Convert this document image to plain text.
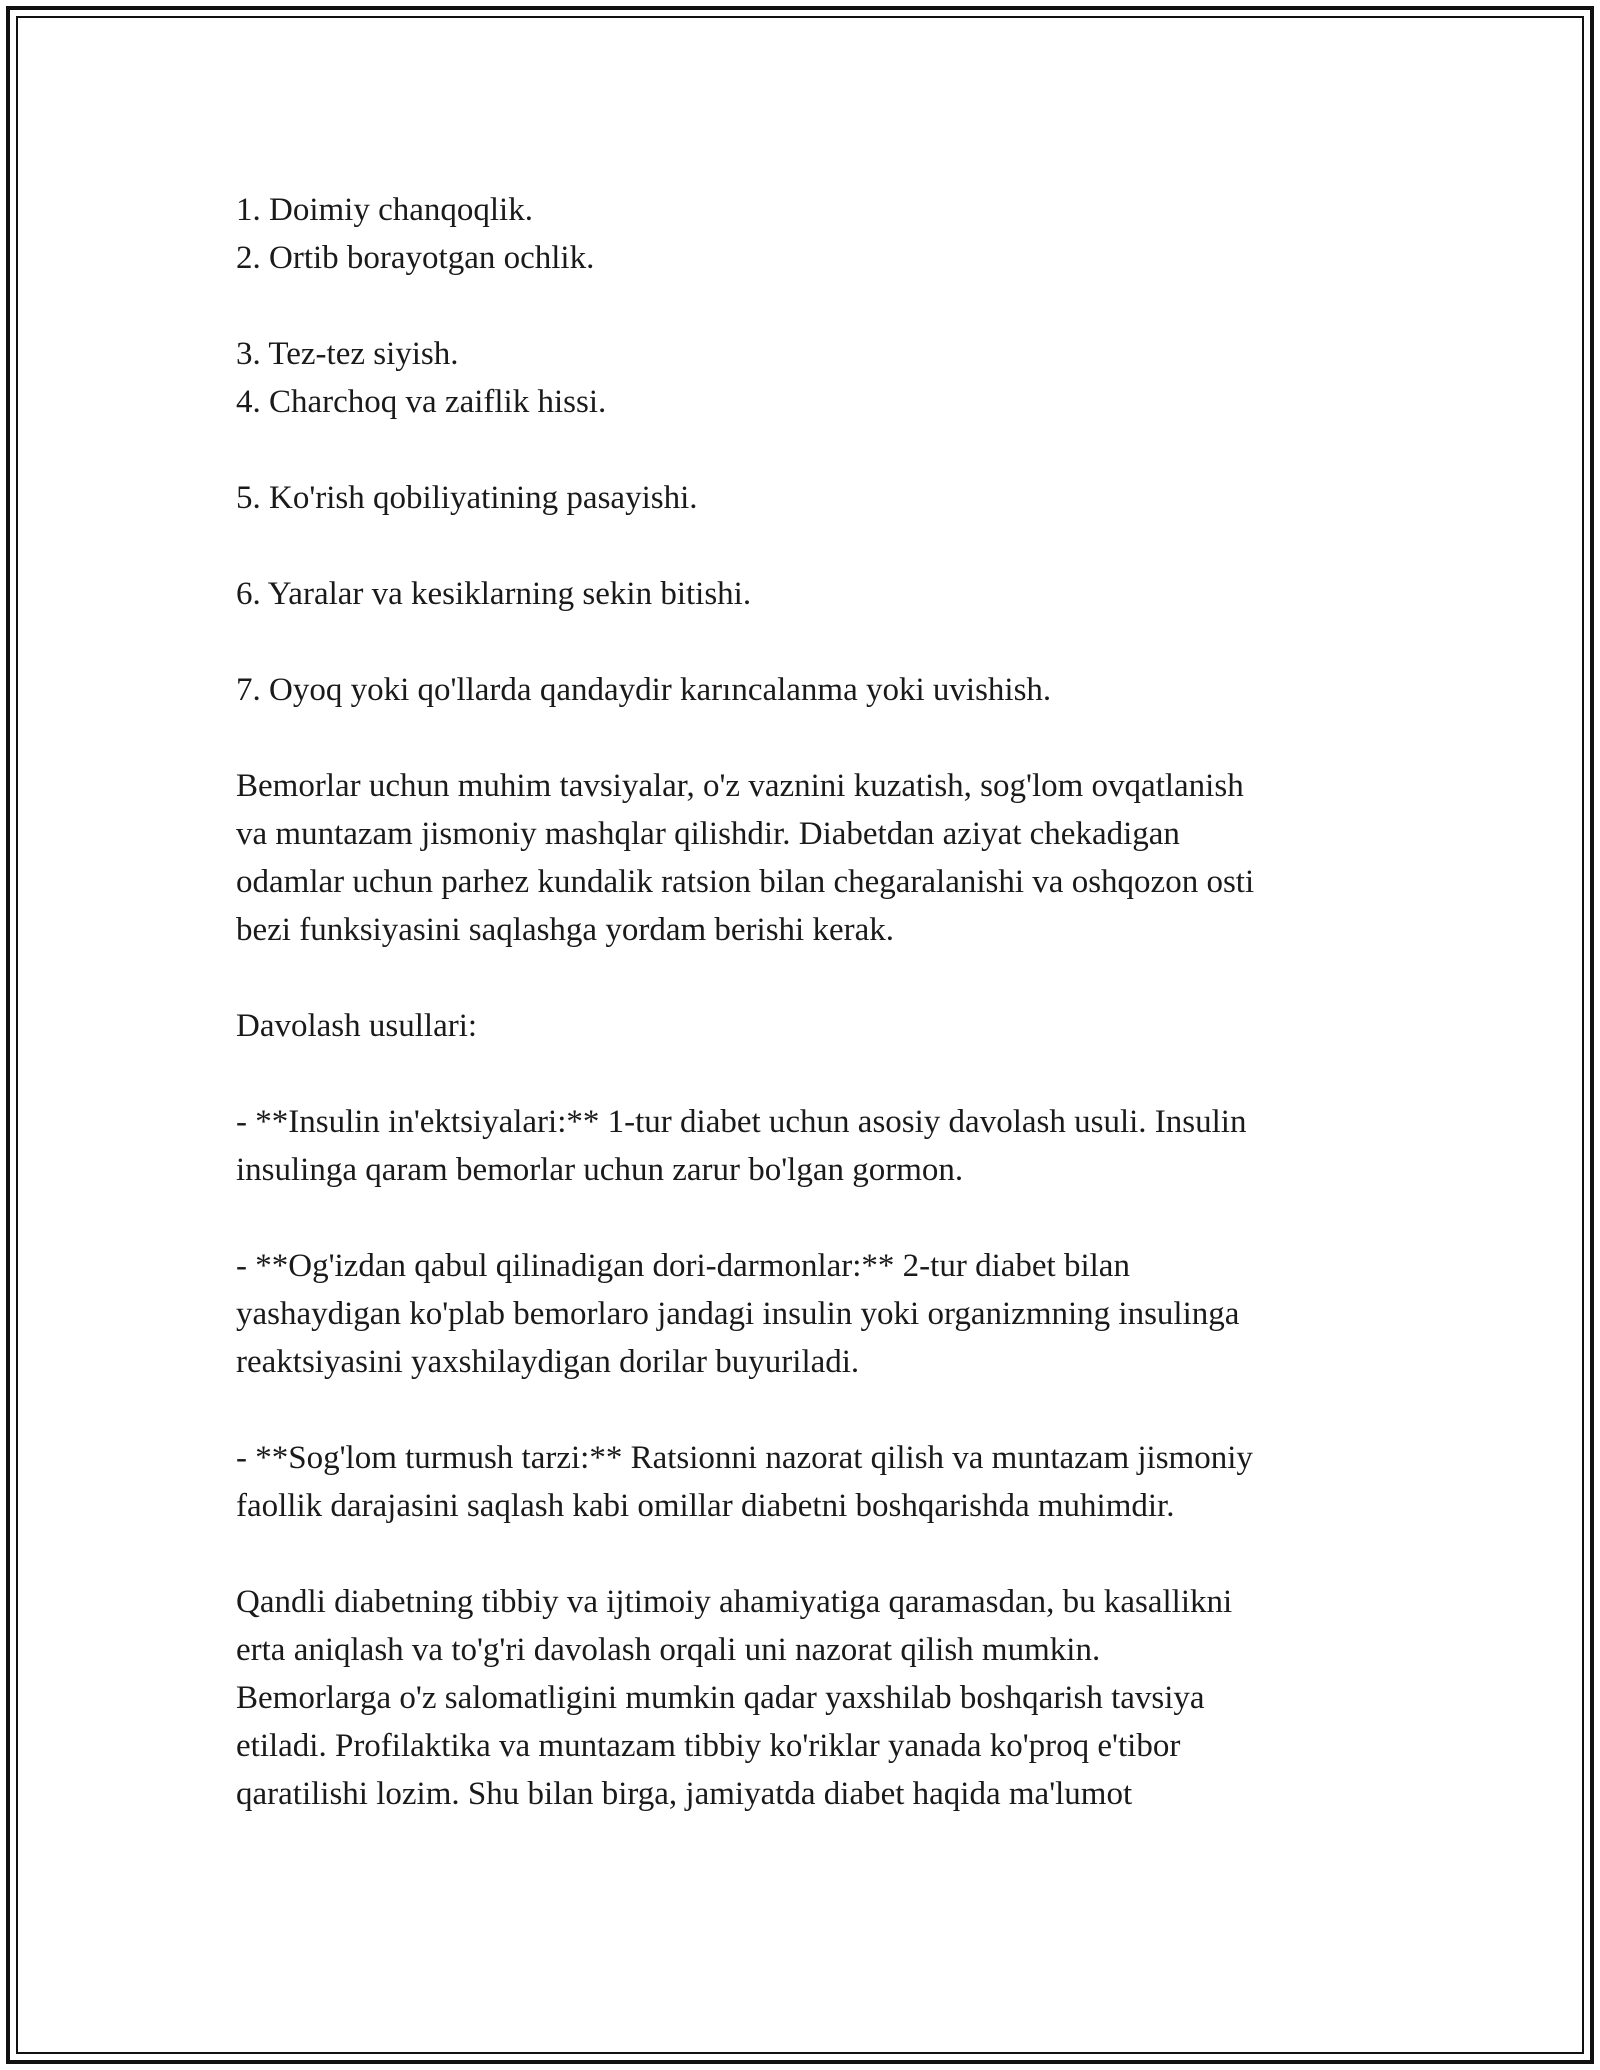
1. Doimiy chanqoqlik.

2. Ortib borayotgan ochlik.

3. Tez-tez siyish.

4. Charchoq va zaiflik hissi.

5. Ko'rish qobiliyatining pasayishi.

6. Yaralar va kesiklarning sekin bitishi.

7. Oyoq yoki qo'llarda qandaydir karıncalanma yoki uvishish.

Bemorlar uchun muhim tavsiyalar, o'z vaznini kuzatish, sog'lom ovqatlanish

va muntazam jismoniy mashqlar qilishdir. Diabetdan aziyat chekadigan

odamlar uchun parhez kundalik ratsion bilan chegaralanishi va oshqozon osti

bezi funksiyasini saqlashga yordam berishi kerak.

Davolash usullari:

- **Insulin in'ektsiyalari:** 1-tur diabet uchun asosiy davolash usuli. Insulin

insulinga qaram bemorlar uchun zarur bo'lgan gormon.

- **Og'izdan qabul qilinadigan dori-darmonlar:** 2-tur diabet bilan

yashaydigan ko'plab bemorlaro jandagi insulin yoki organizmning insulinga

reaktsiyasini yaxshilaydigan dorilar buyuriladi.

- **Sog'lom turmush tarzi:** Ratsionni nazorat qilish va muntazam jismoniy

faollik darajasini saqlash kabi omillar diabetni boshqarishda muhimdir.

Qandli diabetning tibbiy va ijtimoiy ahamiyatiga qaramasdan, bu kasallikni

erta aniqlash va to'g'ri davolash orqali uni nazorat qilish mumkin.

Bemorlarga o'z salomatligini mumkin qadar yaxshilab boshqarish tavsiya

etiladi. Profilaktika va muntazam tibbiy ko'riklar yanada ko'proq e'tibor

qaratilishi lozim. Shu bilan birga, jamiyatda diabet haqida ma'lumot
